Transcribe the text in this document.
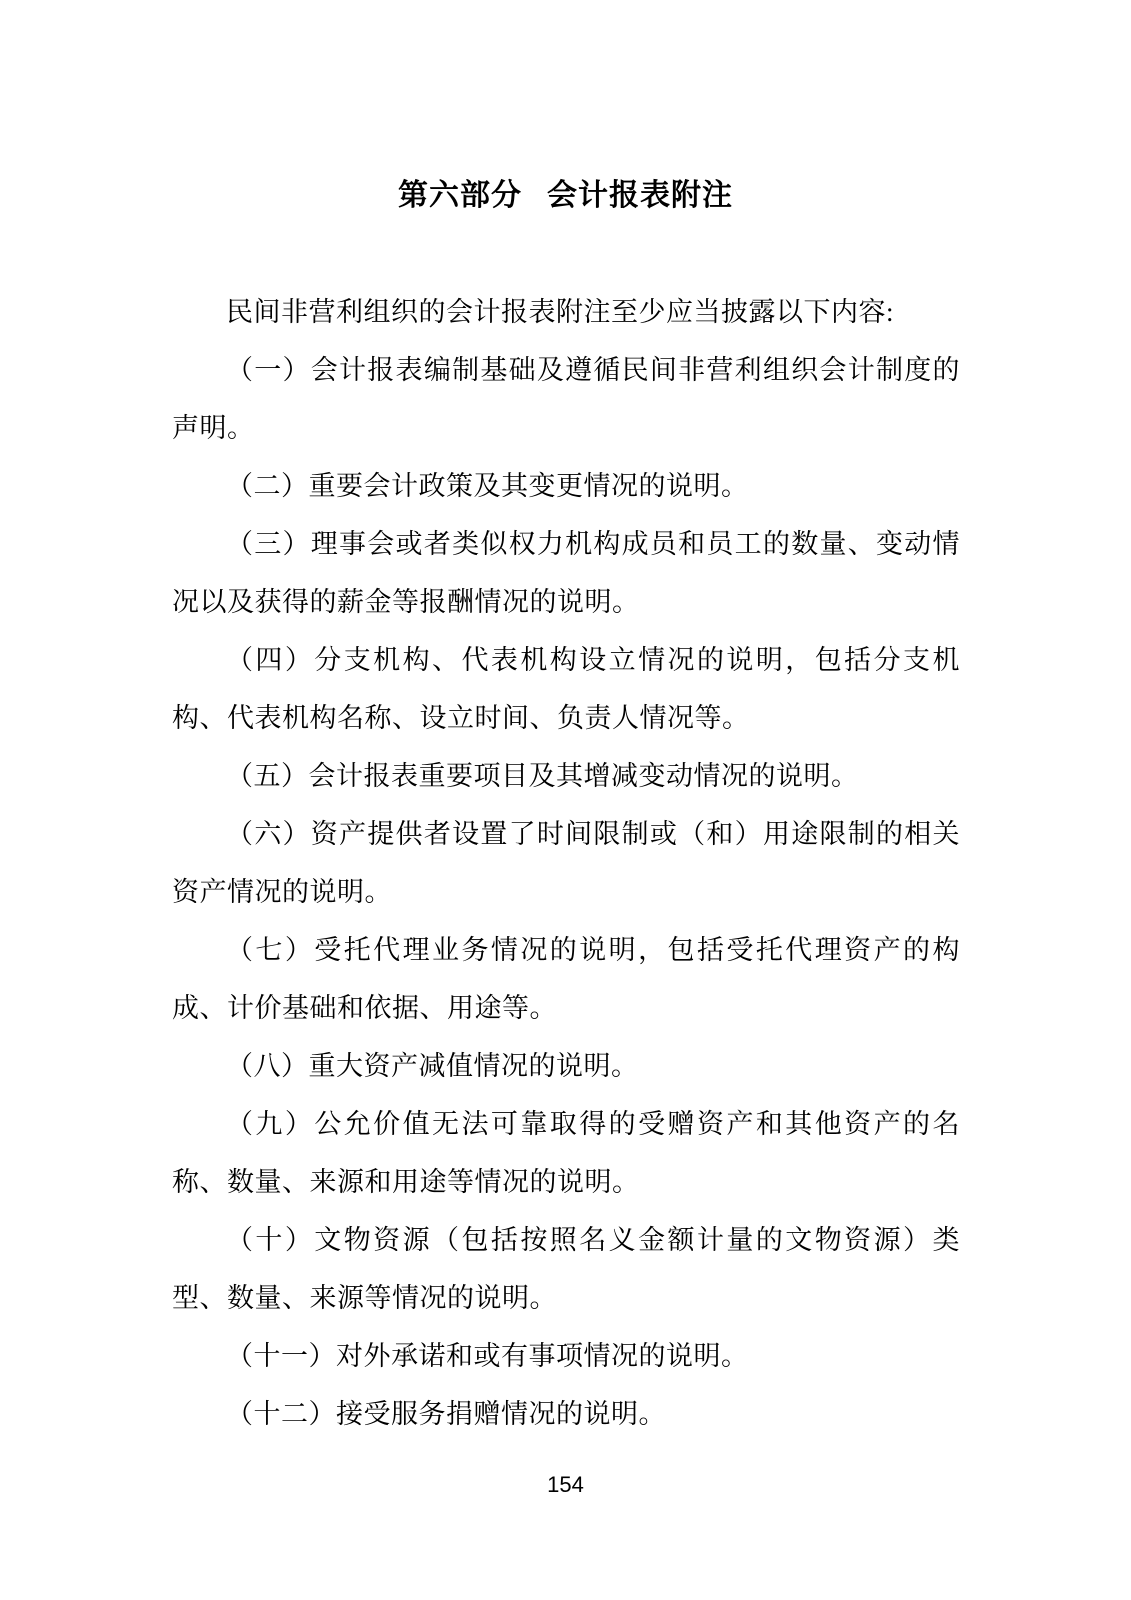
第六部分 会计报表附注

民间非营利组织的会计报表附注至少应当披露以下内容:

（一）会计报表编制基础及遵循民间非营利组织会计制度的声明。

（二）重要会计政策及其变更情况的说明。

（三）理事会或者类似权力机构成员和员工的数量、变动情况以及获得的薪金等报酬情况的说明。

（四）分支机构、代表机构设立情况的说明，包括分支机构、代表机构名称、设立时间、负责人情况等。

（五）会计报表重要项目及其增减变动情况的说明。

（六）资产提供者设置了时间限制或（和）用途限制的相关资产情况的说明。

（七）受托代理业务情况的说明，包括受托代理资产的构成、计价基础和依据、用途等。

（八）重大资产减值情况的说明。

（九）公允价值无法可靠取得的受赠资产和其他资产的名称、数量、来源和用途等情况的说明。

（十）文物资源（包括按照名义金额计量的文物资源）类型、数量、来源等情况的说明。

（十一）对外承诺和或有事项情况的说明。

（十二）接受服务捐赠情况的说明。

154
